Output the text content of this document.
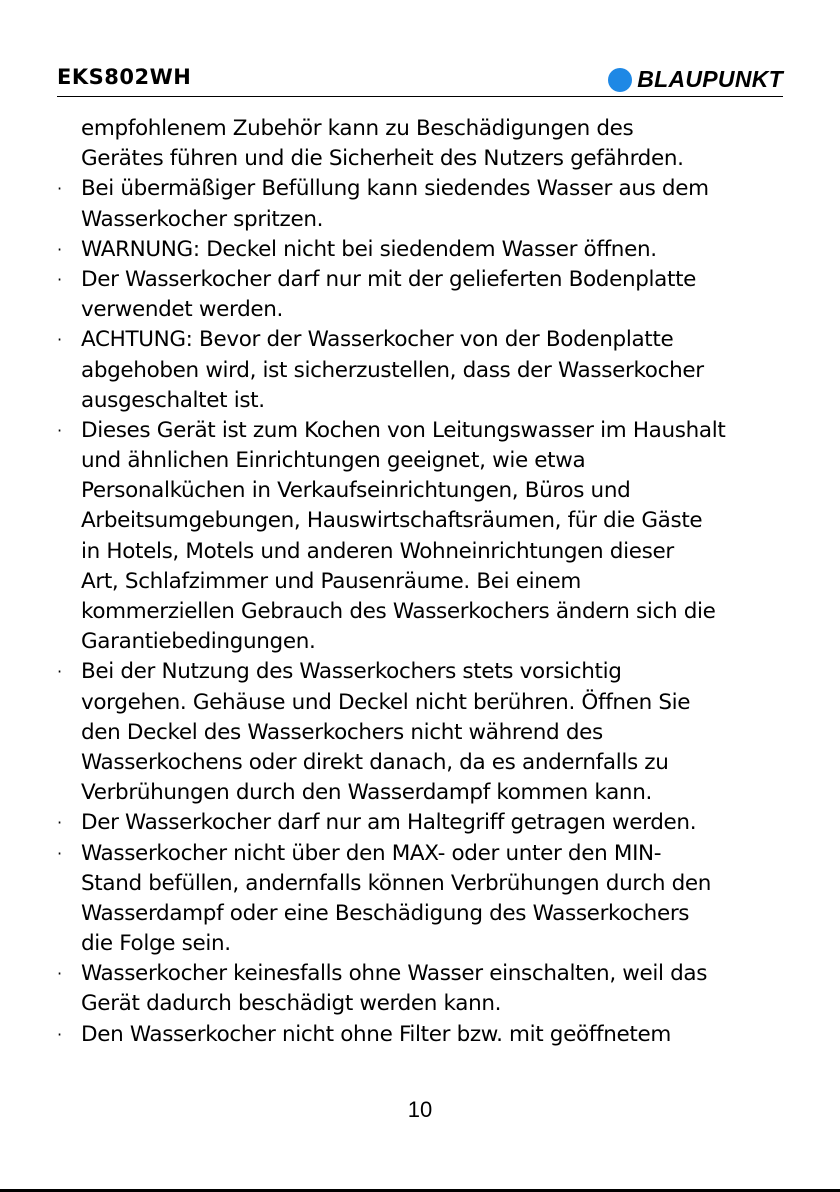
EKS802WH	BLAUPUNKT
empfohlenem Zubehör kann zu Beschädigungen des
Gerätes führen und die Sicherheit des Nutzers gefährden.
· Bei übermäßiger Befüllung kann siedendes Wasser aus dem
Wasserkocher spritzen.
· WARNUNG: Deckel nicht bei siedendem Wasser öffnen.
· Der Wasserkocher darf nur mit der gelieferten Bodenplatte
verwendet werden.
· ACHTUNG: Bevor der Wasserkocher von der Bodenplatte
abgehoben wird, ist sicherzustellen, dass der Wasserkocher
ausgeschaltet ist.
· Dieses Gerät ist zum Kochen von Leitungswasser im Haushalt
und ähnlichen Einrichtungen geeignet, wie etwa
Personalküchen in Verkaufseinrichtungen, Büros und
Arbeitsumgebungen, Hauswirtschaftsräumen, für die Gäste
in Hotels, Motels und anderen Wohneinrichtungen dieser
Art, Schlafzimmer und Pausenräume. Bei einem
kommerziellen Gebrauch des Wasserkochers ändern sich die
Garantiebedingungen.
· Bei der Nutzung des Wasserkochers stets vorsichtig
vorgehen. Gehäuse und Deckel nicht berühren. Öffnen Sie
den Deckel des Wasserkochers nicht während des
Wasserkochens oder direkt danach, da es andernfalls zu
Verbrühungen durch den Wasserdampf kommen kann.
· Der Wasserkocher darf nur am Haltegriff getragen werden.
· Wasserkocher nicht über den MAX- oder unter den MIN-
Stand befüllen, andernfalls können Verbrühungen durch den
Wasserdampf oder eine Beschädigung des Wasserkochers
die Folge sein.
· Wasserkocher keinesfalls ohne Wasser einschalten, weil das
Gerät dadurch beschädigt werden kann.
· Den Wasserkocher nicht ohne Filter bzw. mit geöffnetem
10
